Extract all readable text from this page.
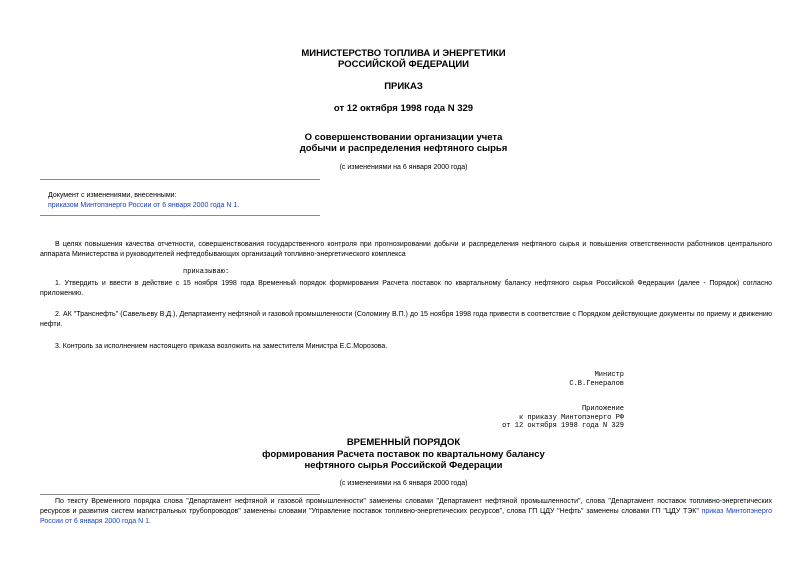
МИНИСТЕРСТВО ТОПЛИВА И ЭНЕРГЕТИКИ
РОССИЙСКОЙ ФЕДЕРАЦИИ
ПРИКАЗ
от 12 октября 1998 года N 329
О совершенствовании организации учета
добычи и распределения нефтяного сырья
(с изменениями на 6 января 2000 года)
Документ с изменениями, внесенными:
приказом Минтопэнерго России от 6 января 2000 года N 1.
В целях повышения качества отчетности, совершенствования государственного контроля при прогнозировании добычи и распределения нефтяного сырья и повышения ответственности работников центрального аппарата Министерства и руководителей нефтедобывающих организаций топливно-энергетического комплекса
приказываю:
1. Утвердить и ввести в действие с 15 ноября 1998 года Временный порядок формирования Расчета поставок по квартальному балансу нефтяного сырья Российской Федерации (далее - Порядок) согласно приложению.
2. АК "Транснефть" (Савельеву В.Д.), Департаменту нефтяной и газовой промышленности (Соломину В.П.) до 15 ноября 1998 года привести в соответствие с Порядком действующие документы по приему и движению нефти.
3. Контроль за исполнением настоящего приказа возложить на заместителя Министра Е.С.Морозова.
Министр
С.В.Генералов
Приложение
к приказу Минтопэнерго РФ
от 12 октября 1998 года N 329
ВРЕМЕННЫЙ ПОРЯДОК
формирования Расчета поставок по квартальному балансу
нефтяного сырья Российской Федерации
(с изменениями на 6 января 2000 года)
По тексту Временного порядка слова "Департамент нефтяной и газовой промышленности" заменены словами "Департамент нефтяной промышленности", слова "Департамент поставок топливно-энергетических ресурсов и развития систем магистральных трубопроводов" заменены словами "Управление поставок топливно-энергетических ресурсов", слова ГП ЦДУ "Нефть" заменены словами ГП "ЦДУ ТЭК" приказ Минтопэнерго России от 6 января 2000 года N 1.
